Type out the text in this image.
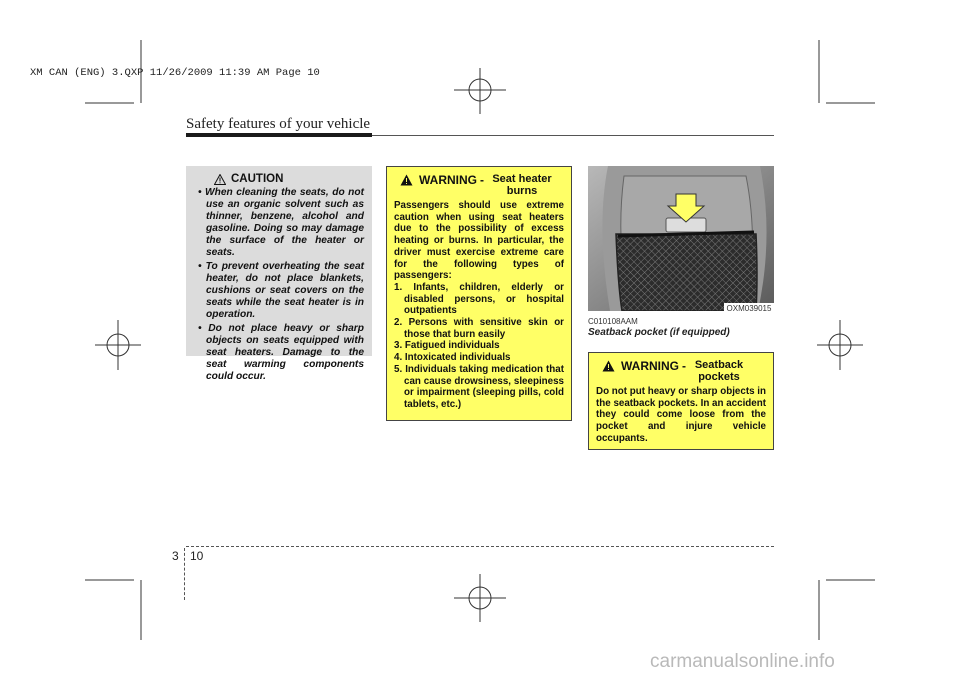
XM CAN (ENG) 3.QXP 11/26/2009 11:39 AM Page 10
Safety features of your vehicle
CAUTION
• When cleaning the seats, do not use an organic solvent such as thinner, benzene, alcohol and gasoline. Doing so may damage the surface of the heater or seats.
• To prevent overheating the seat heater, do not place blankets, cushions or seat covers on the seats while the seat heater is in operation.
• Do not place heavy or sharp objects on seats equipped with seat heaters. Damage to the seat warming components could occur.
WARNING - Seat heater burns
Passengers should use extreme caution when using seat heaters due to the possibility of excess heating or burns. In particular, the driver must exercise extreme care for the following types of passengers:
1. Infants, children, elderly or disabled persons, or hospital outpatients
2. Persons with sensitive skin or those that burn easily
3. Fatigued individuals
4. Intoxicated individuals
5. Individuals taking medication that can cause drowsiness, sleepiness or impairment (sleeping pills, cold tablets, etc.)
OXM039015
C010108AAM
Seatback pocket (if equipped)
WARNING - Seatback pockets
Do not put heavy or sharp objects in the seatback pockets. In an accident they could come loose from the pocket and injure vehicle occupants.
3 10
carmanualsonline.info
